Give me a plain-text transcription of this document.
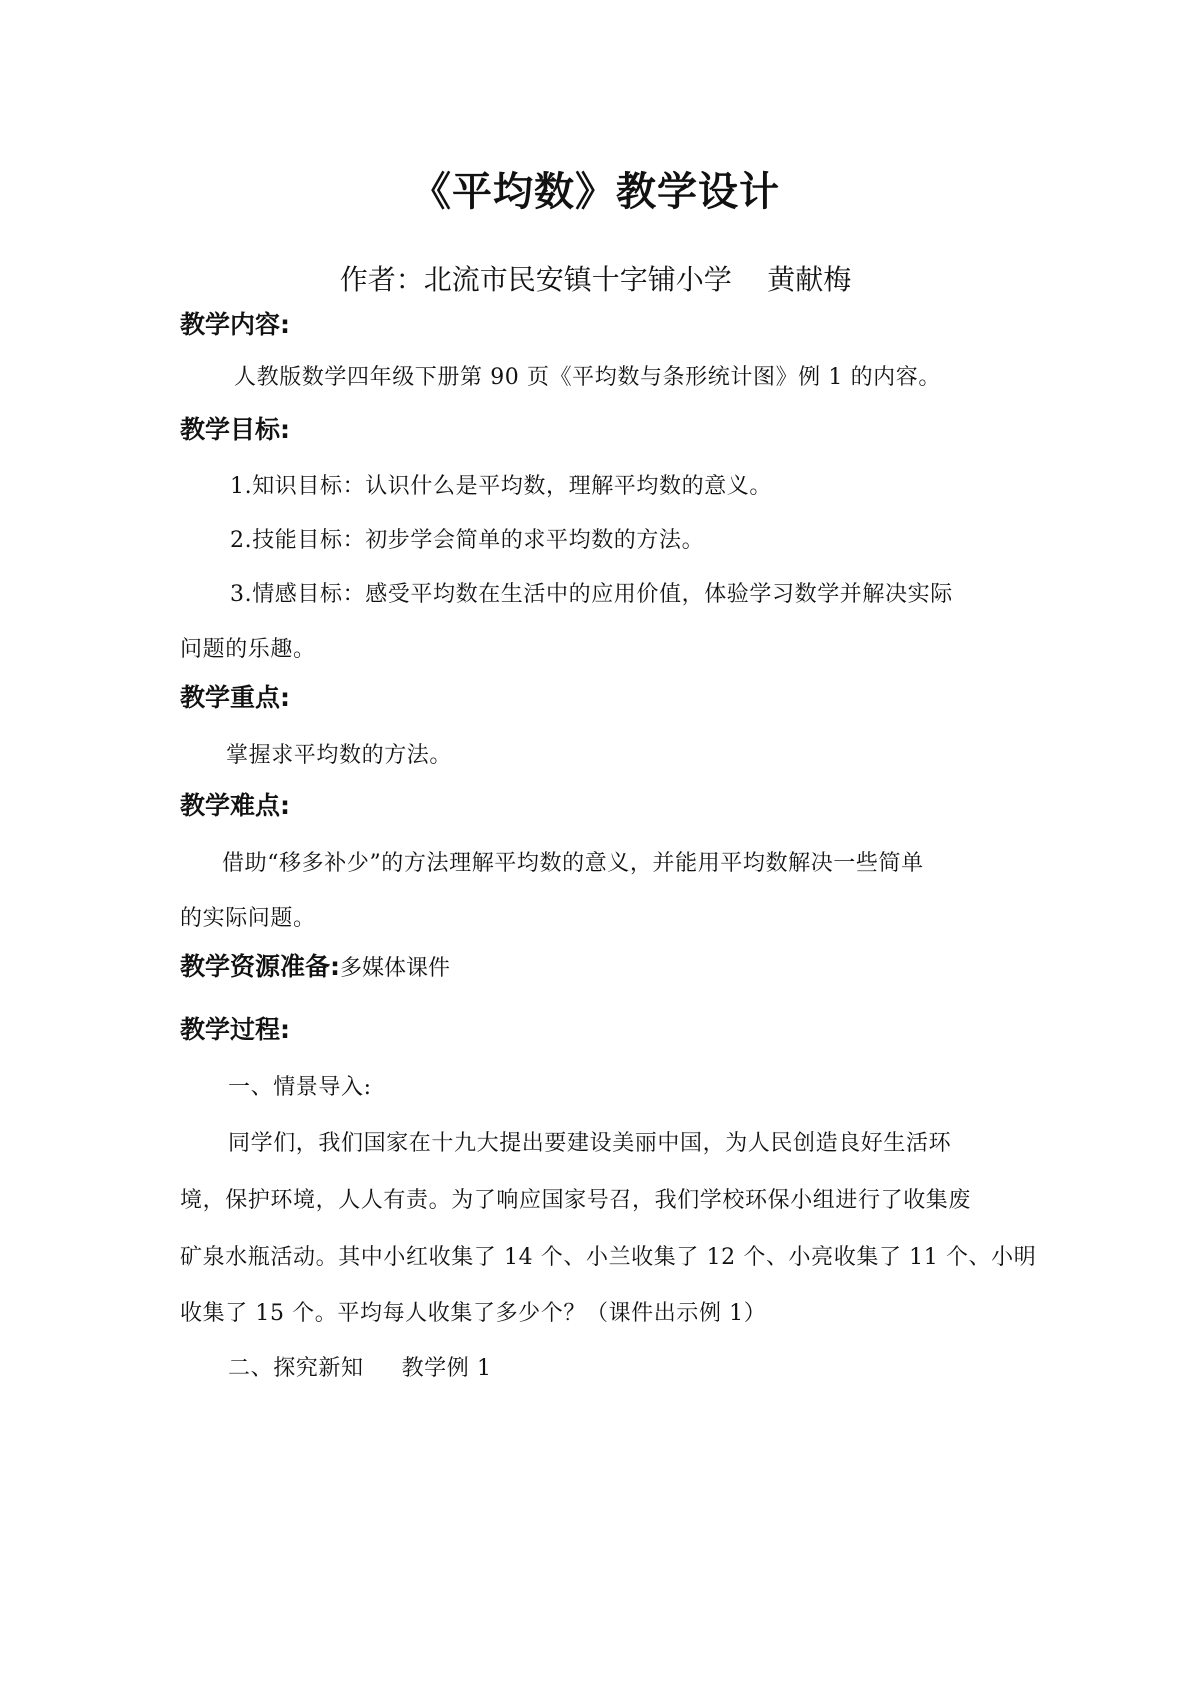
《平均数》教学设计
作者：北流市民安镇十字铺小学    黄献梅
教学内容:
人教版数学四年级下册第 90 页《平均数与条形统计图》例 1 的内容。
教学目标:
1.知识目标：认识什么是平均数，理解平均数的意义。
2.技能目标：初步学会简单的求平均数的方法。
3.情感目标：感受平均数在生活中的应用价值，体验学习数学并解决实际
问题的乐趣。
教学重点:
掌握求平均数的方法。
教学难点:
借助“移多补少”的方法理解平均数的意义，并能用平均数解决一些简单
的实际问题。
教学资源准备:多媒体课件
教学过程:
一、情景导入:
同学们，我们国家在十九大提出要建设美丽中国，为人民创造良好生活环
境，保护环境，人人有责。为了响应国家号召，我们学校环保小组进行了收集废
矿泉水瓶活动。其中小红收集了 14 个、小兰收集了 12 个、小亮收集了 11 个、小明
收集了 15 个。平均每人收集了多少个？（课件出示例 1）
二、探究新知     教学例 1
